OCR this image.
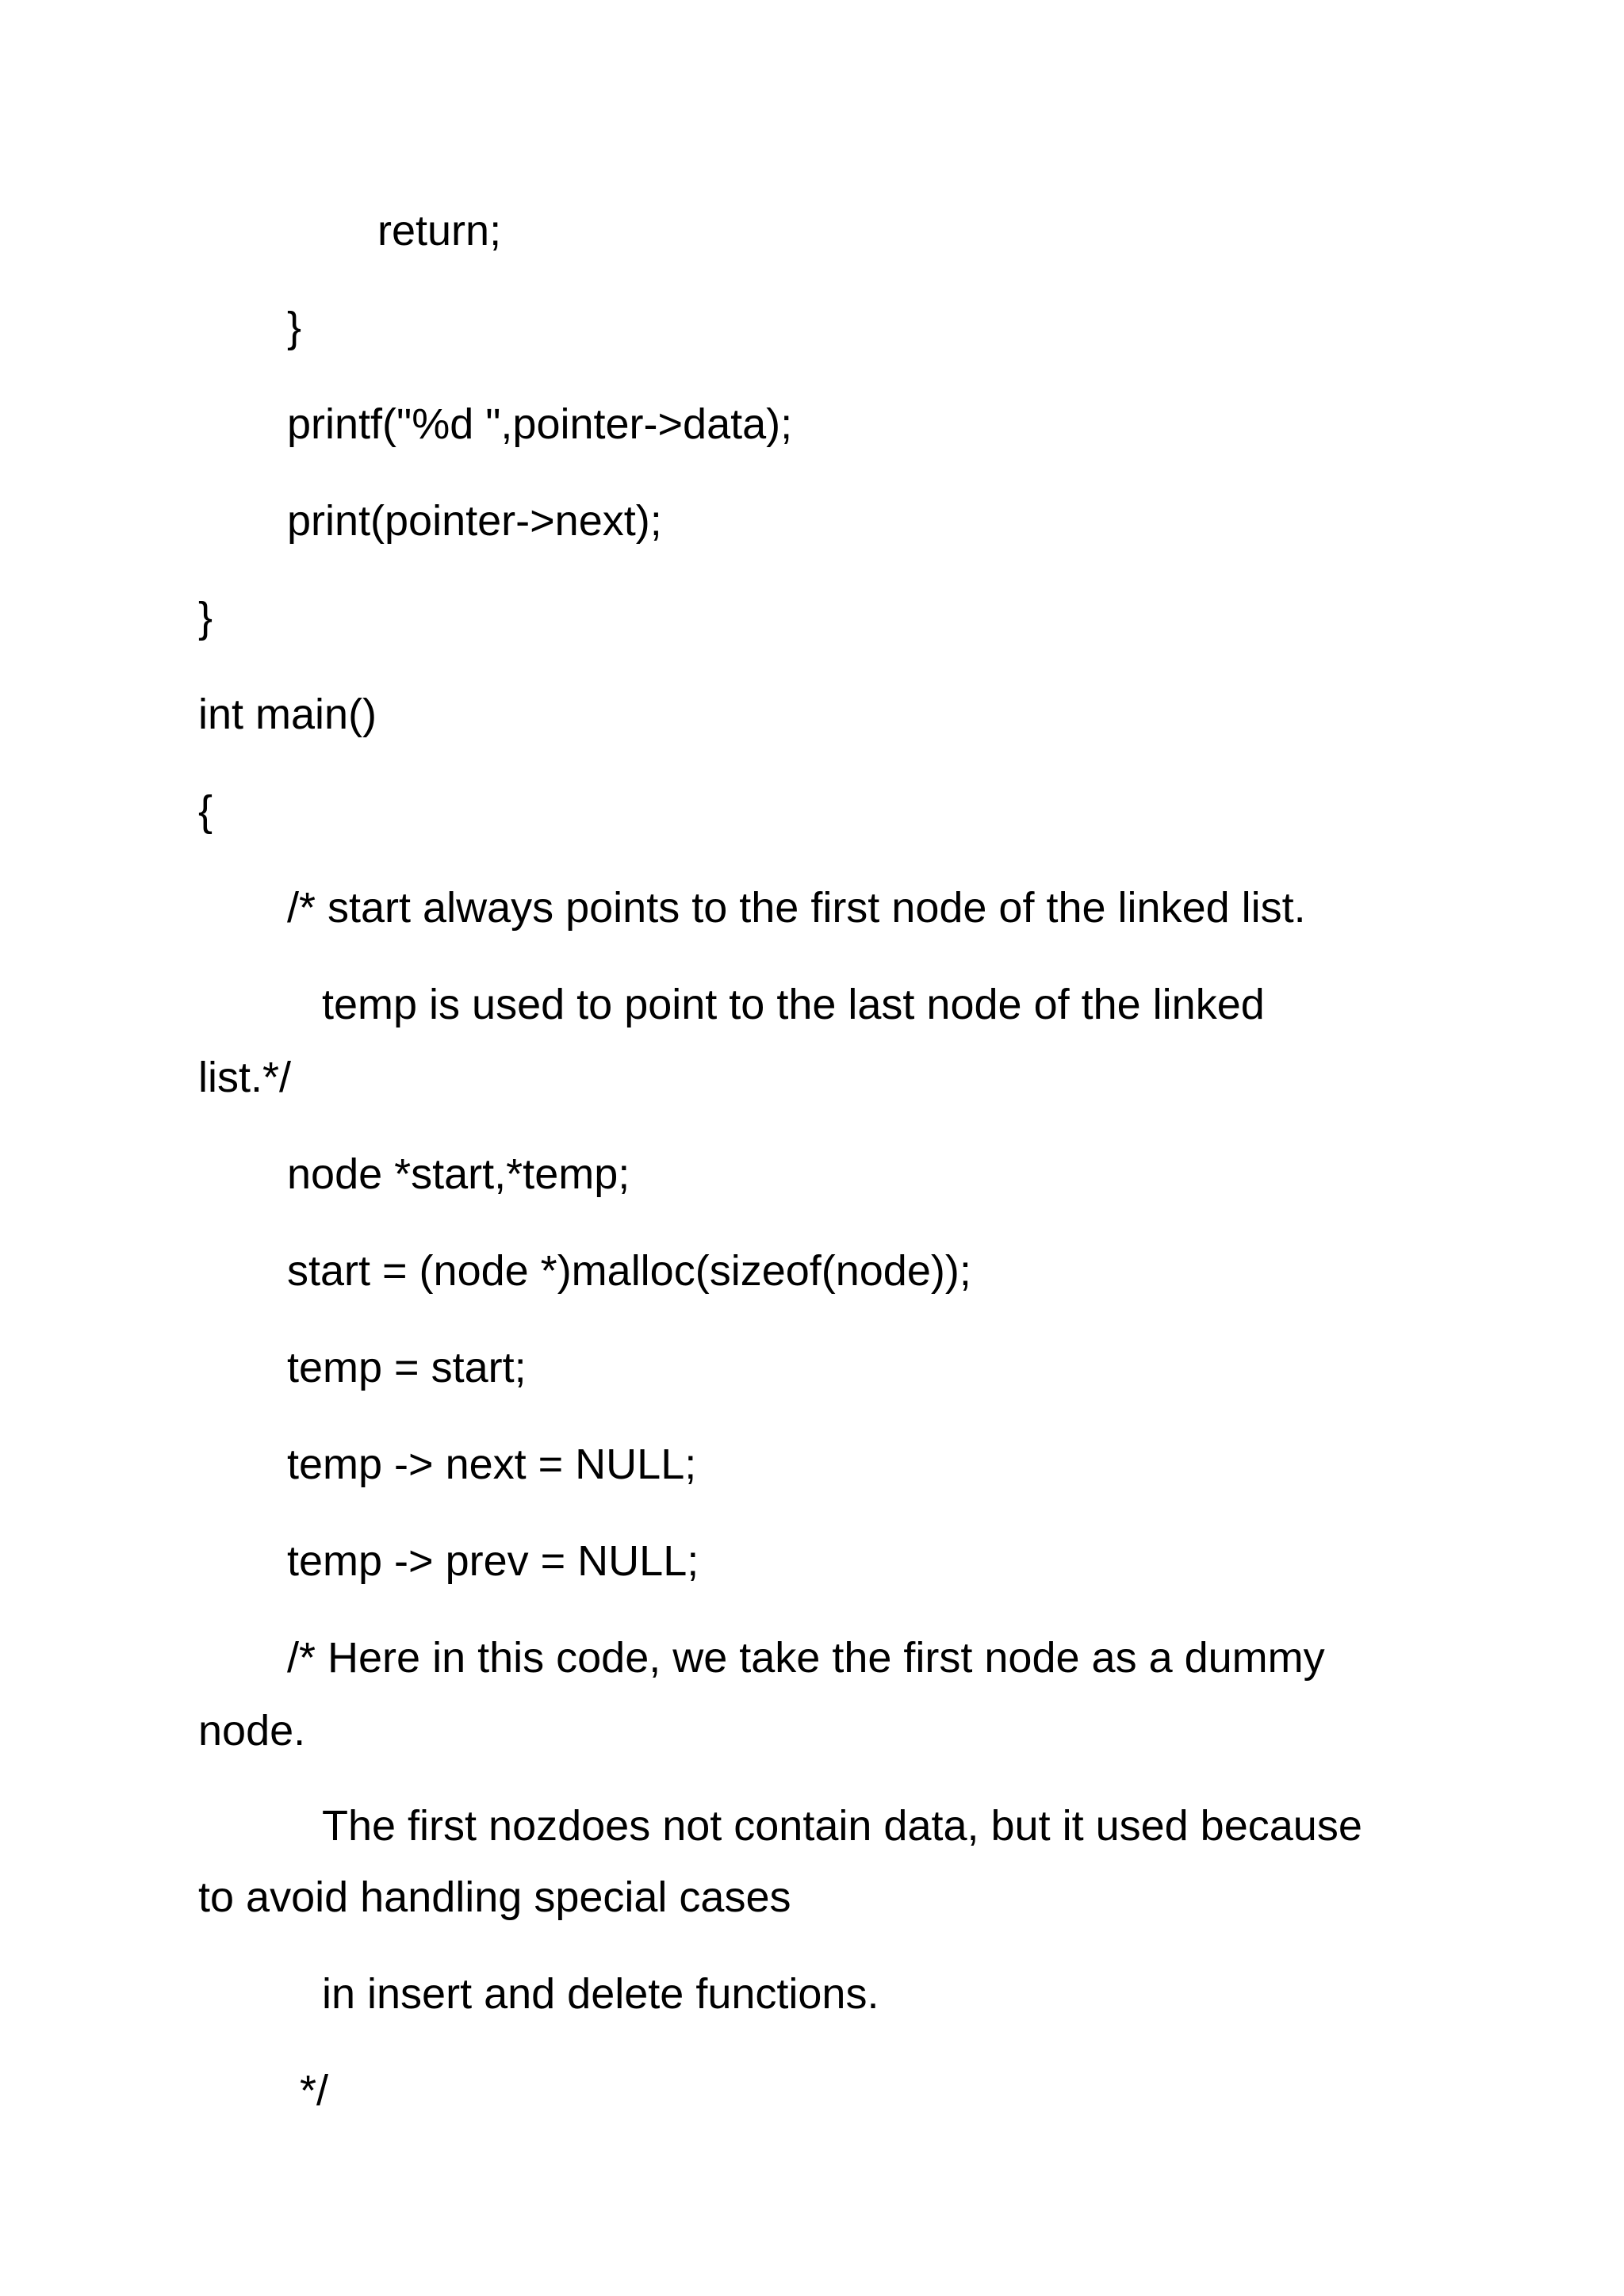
return;
}
printf("%d ",pointer->data);
print(pointer->next);
}
int main()
{
/* start always points to the first node of the linked list.
temp is used to point to the last node of the linked
list.*/
node *start,*temp;
start = (node *)malloc(sizeof(node));
temp = start;
temp -> next = NULL;
temp -> prev = NULL;
/* Here in this code, we take the first node as a dummy
node.
The first nozdoes not contain data, but it used because
to avoid handling special cases
in insert and delete functions.
*/
